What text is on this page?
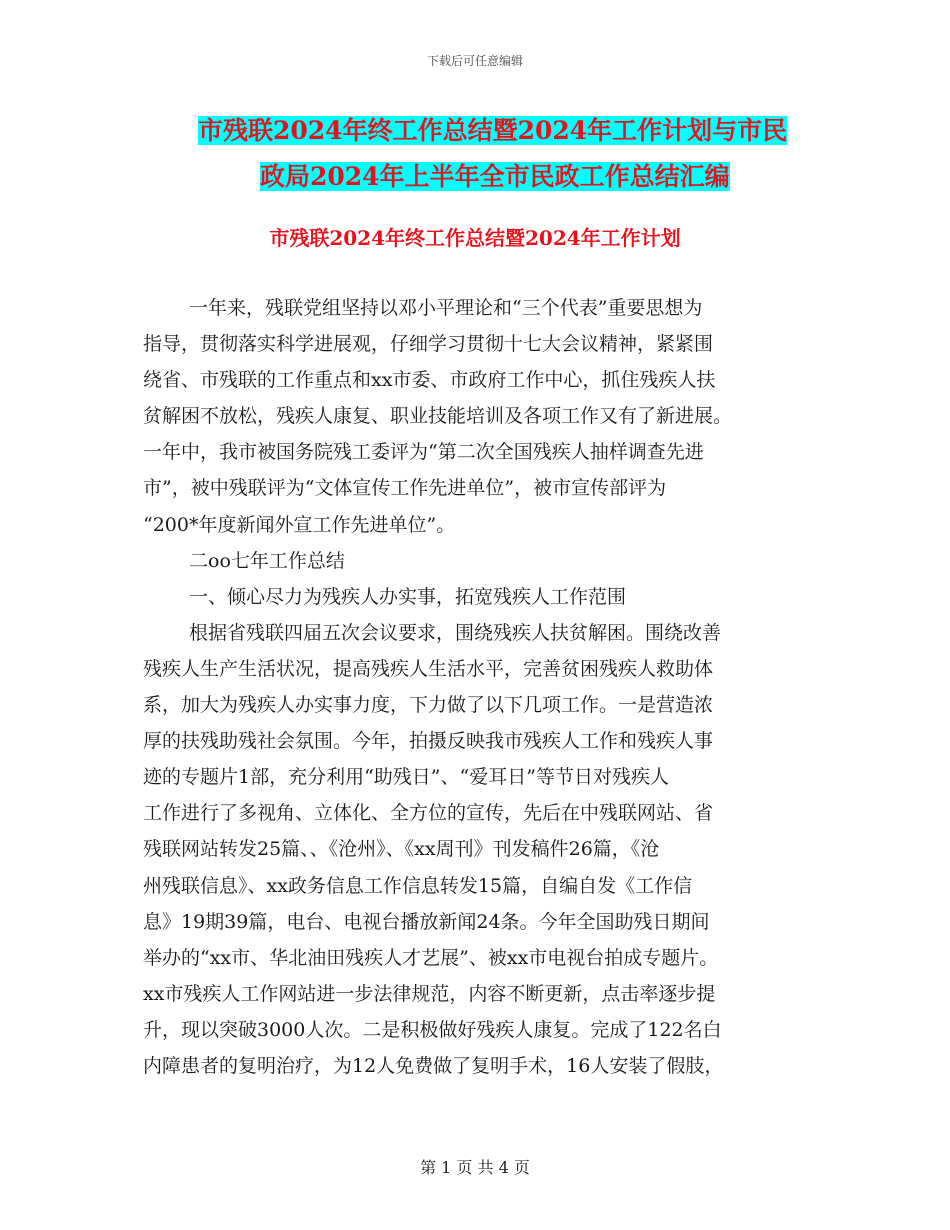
下载后可任意编辑
市残联2024年终工作总结暨2024年工作计划与市民
政局2024年上半年全市民政工作总结汇编
市残联2024年终工作总结暨2024年工作计划
一年来，残联党组坚持以邓小平理论和“三个代表”重要思想为
指导，贯彻落实科学进展观，仔细学习贯彻十七大会议精神，紧紧围
绕省、市残联的工作重点和xx市委、市政府工作中心，抓住残疾人扶
贫解困不放松，残疾人康复、职业技能培训及各项工作又有了新进展。
一年中，我市被国务院残工委评为“第二次全国残疾人抽样调查先进
市”，被中残联评为“文体宣传工作先进单位”，被市宣传部评为
“200*年度新闻外宣工作先进单位”。
二oo七年工作总结
一、倾心尽力为残疾人办实事，拓宽残疾人工作范围
根据省残联四届五次会议要求，围绕残疾人扶贫解困。围绕改善
残疾人生产生活状况，提高残疾人生活水平，完善贫困残疾人救助体
系，加大为残疾人办实事力度，下力做了以下几项工作。一是营造浓
厚的扶残助残社会氛围。今年，拍摄反映我市残疾人工作和残疾人事
迹的专题片1部，充分利用“助残日”、“爱耳日”等节日对残疾人
工作进行了多视角、立体化、全方位的宣传，先后在中残联网站、省
残联网站转发25篇、、《沧州》、《xx周刊》刊发稿件26篇，《沧
州残联信息》、xx政务信息工作信息转发15篇，自编自发《工作信
息》19期39篇，电台、电视台播放新闻24条。今年全国助残日期间
举办的“xx市、华北油田残疾人才艺展”、被xx市电视台拍成专题片。
xx市残疾人工作网站进一步法律规范，内容不断更新，点击率逐步提
升，现以突破3000人次。二是积极做好残疾人康复。完成了122名白
内障患者的复明治疗，为12人免费做了复明手术，16人安装了假肢，
第 1 页 共 4 页
